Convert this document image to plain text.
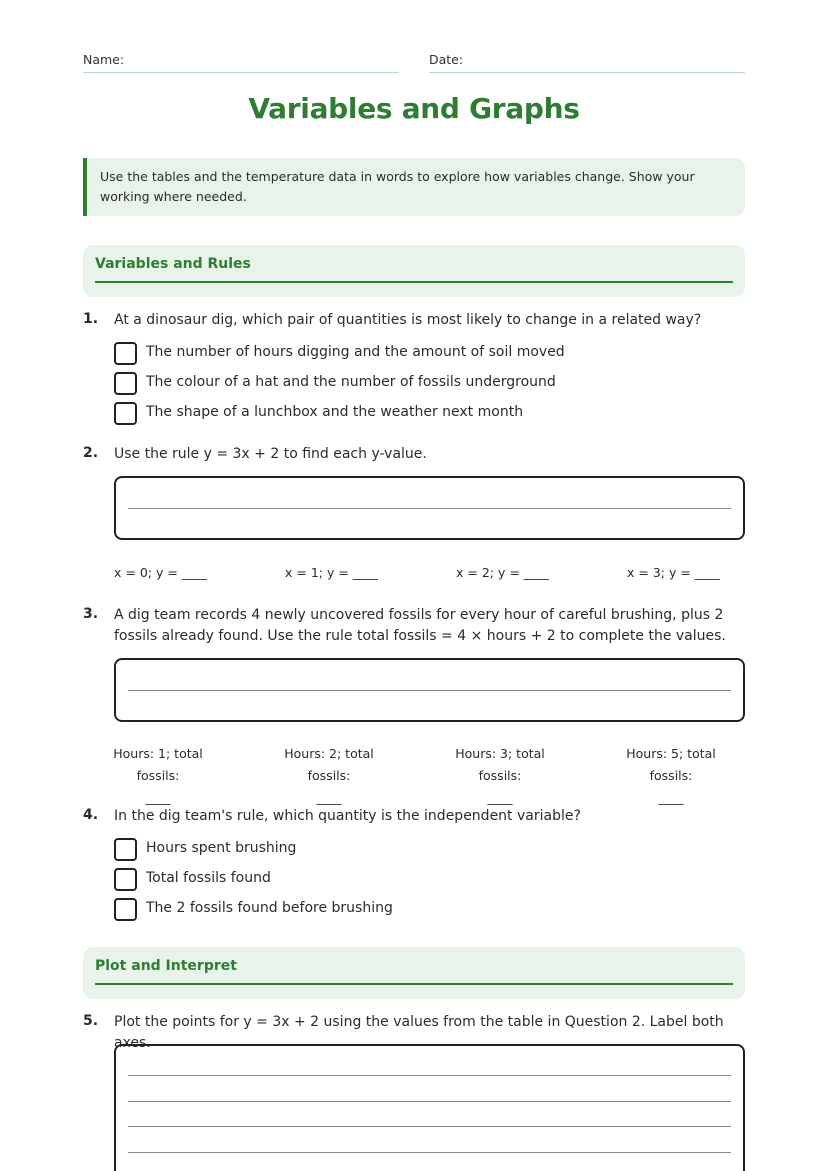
Name:	Date:
Variables and Graphs
Use the tables and the temperature data in words to explore how variables change. Show your working where needed.
Variables and Rules
1. At a dinosaur dig, which pair of quantities is most likely to change in a related way?
The number of hours digging and the amount of soil moved
The colour of a hat and the number of fossils underground
The shape of a lunchbox and the weather next month
2. Use the rule y = 3x + 2 to find each y-value.
x = 0; y = ____	x = 1; y = ____	x = 2; y = ____	x = 3; y = ____
3. A dig team records 4 newly uncovered fossils for every hour of careful brushing, plus 2 fossils already found. Use the rule total fossils = 4 × hours + 2 to complete the values.
Hours: 1; total fossils:
____
Hours: 2; total fossils:
____
Hours: 3; total fossils:
____
Hours: 5; total fossils:
____
4. In the dig team's rule, which quantity is the independent variable?
Hours spent brushing
Total fossils found
The 2 fossils found before brushing
Plot and Interpret
5. Plot the points for y = 3x + 2 using the values from the table in Question 2. Label both axes.
